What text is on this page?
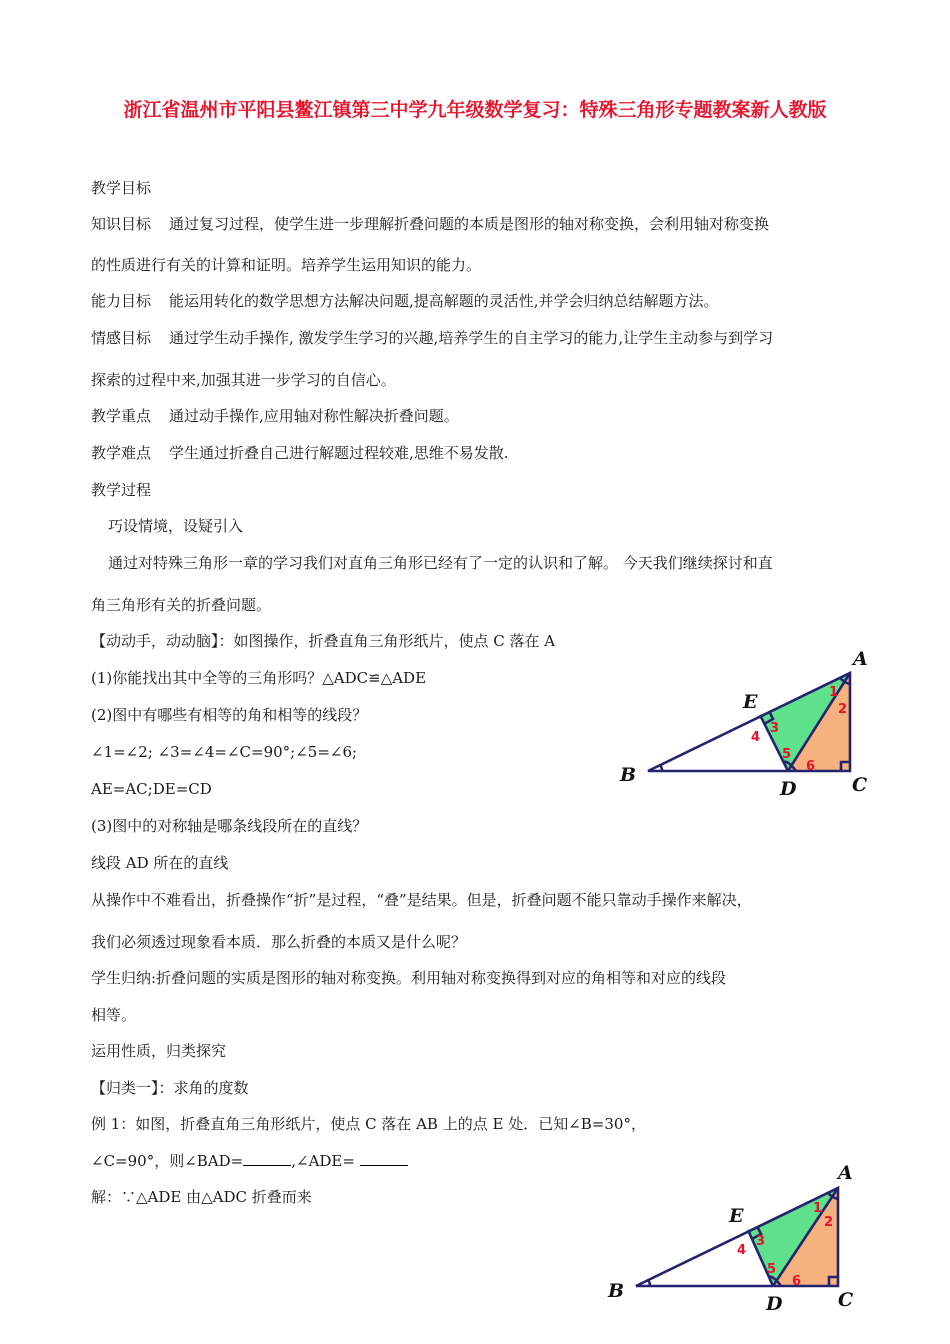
浙江省温州市平阳县鳌江镇第三中学九年级数学复习：特殊三角形专题教案新人教版
教学目标
知识目标 通过复习过程，使学生进一步理解折叠问题的本质是图形的轴对称变换，会利用轴对称变换
的性质进行有关的计算和证明。培养学生运用知识的能力。
能力目标 能运用转化的数学思想方法解决问题,提高解题的灵活性,并学会归纳总结解题方法。
情感目标 通过学生动手操作, 激发学生学习的兴趣,培养学生的自主学习的能力,让学生主动参与到学习
探索的过程中来,加强其进一步学习的自信心。
教学重点 通过动手操作,应用轴对称性解决折叠问题。
教学难点 学生通过折叠自己进行解题过程较难,思维不易发散.
教学过程
巧设情境，设疑引入
通过对特殊三角形一章的学习我们对直角三角形已经有了一定的认识和了解。 今天我们继续探讨和直
角三角形有关的折叠问题。
【动动手，动动脑】：如图操作，折叠直角三角形纸片，使点 C 落在 A
(1)你能找出其中全等的三角形吗？△ADC≌△ADE
(2)图中有哪些有相等的角和相等的线段？
∠1=∠2; ∠3=∠4=∠C=90°;∠5=∠6;
AE=AC;DE=CD
(3)图中的对称轴是哪条线段所在的直线？
线段 AD 所在的直线
从操作中不难看出，折叠操作“折”是过程，“叠”是结果。但是，折叠问题不能只靠动手操作来解决，
我们必须透过现象看本质．那么折叠的本质又是什么呢？
学生归纳:折叠问题的实质是图形的轴对称变换。利用轴对称变换得到对应的角相等和对应的线段
相等。
运用性质，归类探究
【归类一】：求角的度数
例 1：如图，折叠直角三角形纸片，使点 C 落在 AB 上的点 E 处．已知∠B=30°，
∠C=90°，则∠BAD=	,∠ADE=
解：∵△ADE 由△ADC 折叠而来
A
B	C
D
E	1
2
3
4
5
6
A
B	C
D
E	1
2
3
4
5
6
